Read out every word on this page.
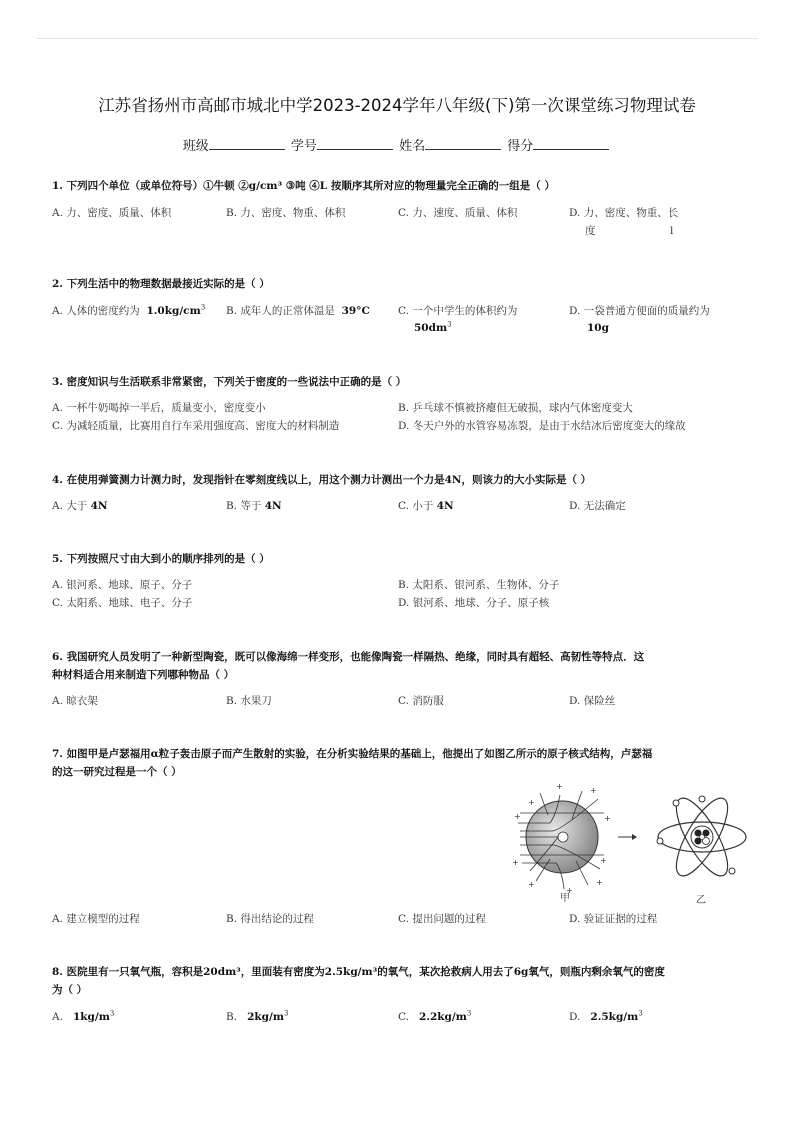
江苏省扬州市高邮市城北中学2023-2024学年八年级(下)第一次课堂练习物理试卷
班级	学号	姓名	得分
1. 下列四个单位（或单位符号）①牛顿 ②g/cm³ ③吨 ④L 按顺序其所对应的物理量完全正确的一组是（ ）
A. 力、密度、质量、体积	B. 力、密度、物重、体积	C. 力、速度、质量、体积	D. 力、密度、物重、长
度	l
2. 下列生活中的物理数据最接近实际的是（ ）
A. 人体的密度约为 $1.0kg/cm^3$ B. 成年人的正常体温是 39°C	C. 一个中学生的体积约为
$50dm^3$
D. 一袋普通方便面的质量约为
10g
3. 密度知识与生活联系非常紧密，下列关于密度的一些说法中正确的是（ ）
A. 一杯牛奶喝掉一半后，质量变小，密度变小	B. 乒乓球不慎被挤瘪但无破损，球内气体密度变大
C. 为减轻质量，比赛用自行车采用强度高、密度大的材料制造	D. 冬天户外的水管容易冻裂，是由于水结冰后密度变大的缘故
4. 在使用弹簧测力计测力时，发现指针在零刻度线以上，用这个测力计测出一个力是4N，则该力的大小实际是（ ）
A. 大于 4N	B. 等于 4N	C. 小于 4N	D. 无法确定
5. 下列按照尺寸由大到小的顺序排列的是（ ）
A. 银河系、地球、原子、分子	B. 太阳系、银河系、生物体、分子
C. 太阳系、地球、电子、分子	D. 银河系、地球、分子、原子核
6. 我国研究人员发明了一种新型陶瓷，既可以像海绵一样变形，也能像陶瓷一样隔热、绝缘，同时具有超轻、高韧性等特点．这
种材料适合用来制造下列哪种物品（ ）
A. 晾衣架	B. 水果刀	C. 消防服	D. 保险丝
7. 如图甲是卢瑟福用α粒子轰击原子而产生散射的实验，在分析实验结果的基础上，他提出了如图乙所示的原子核式结构，卢瑟福
的这一研究过程是一个（ ）
+
+	+
+	+
+	+
+	+
+
甲	乙
A. 建立模型的过程	B. 得出结论的过程	C. 提出问题的过程	D. 验证证据的过程
8. 医院里有一只氧气瓶，容积是20dm³，里面装有密度为2.5kg/m³的氧气，某次抢救病人用去了6g氧气，则瓶内剩余氧气的密度
为（ ）
A. $1kg/m^3$	B. $2kg/m^3$	C. $2.2kg/m^3$	D. $2.5kg/m^3$
